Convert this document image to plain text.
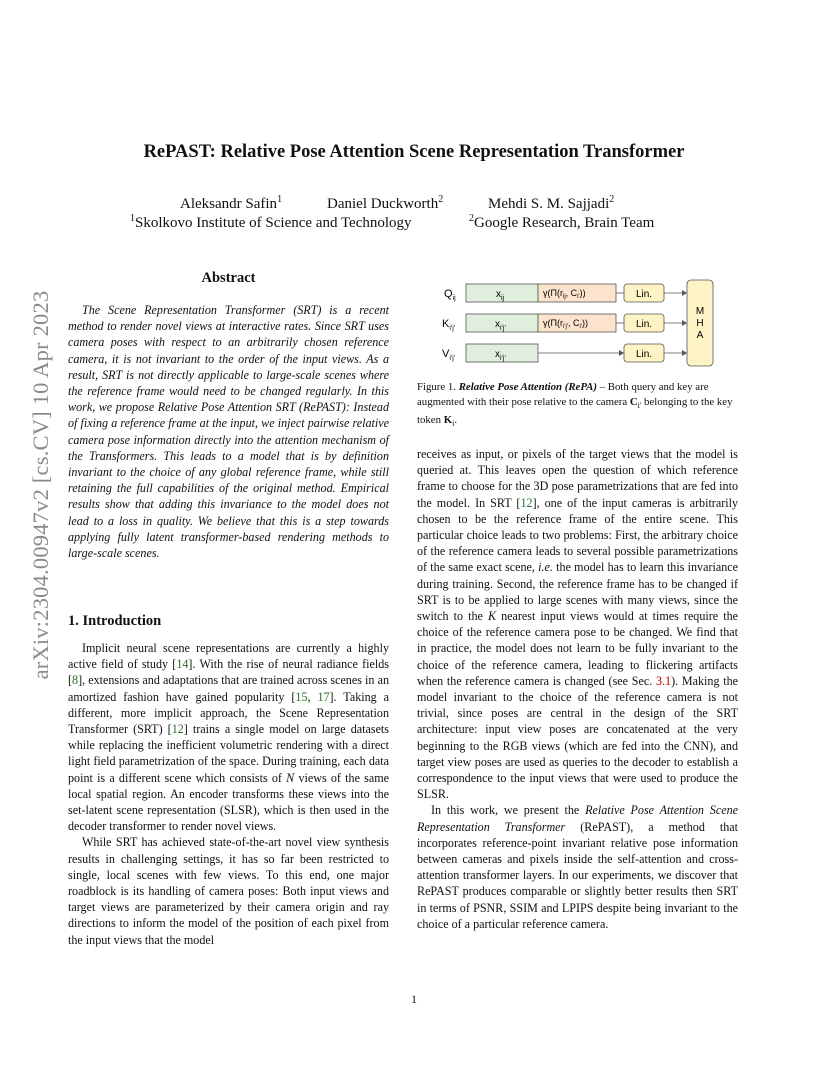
RePAST: Relative Pose Attention Scene Representation Transformer
Aleksandr Safin$^1$	Daniel Duckworth$^2$	Mehdi S. M. Sajjadi$^2$
$^1$Skolkovo Institute of Science and Technology	$^2$Google Research, Brain Team
arXiv:2304.00947v2 [cs.CV] 10 Apr 2023
Abstract

The Scene Representation Transformer (SRT) is a recent method to render novel views at interactive rates. Since SRT uses camera poses with respect to an arbitrarily chosen reference camera, it is not invariant to the order of the input views. As a result, SRT is not directly applicable to large-scale scenes where the reference frame would need to be changed regularly. In this work, we propose Relative Pose Attention SRT (RePAST): Instead of fixing a reference frame at the input, we inject pairwise relative camera pose information directly into the attention mechanism of the Transformers. This leads to a model that is by definition invariant to the choice of any global reference frame, while still retaining the full capabilities of the original method. Empirical results show that adding this invariance to the model does not lead to a loss in quality. We believe that this is a step towards applying fully latent transformer-based rendering methods to large-scale scenes.

1. Introduction

Implicit neural scene representations are currently a highly active field of study [14]. With the rise of neural radiance fields [8], extensions and adaptations that are trained across scenes in an amortized fashion have gained popularity [15, 17]. Taking a different, more implicit approach, the Scene Representation Transformer (SRT) [12] trains a single model on large datasets while replacing the inefficient volumetric rendering with a direct light field parametrization of the space. During training, each data point is a different scene which consists of N views of the same local spatial region. An encoder transforms these views into the set-latent scene representation (SLSR), which is then used in the decoder transformer to render novel views.

While SRT has achieved state-of-the-art novel view synthesis results in challenging settings, it has so far been restricted to single, local scenes with few views. To this end, one major roadblock is its handling of camera poses: Both input views and target views are parameterized by their camera origin and ray directions to inform the model of the position of each pixel from the input views that the model

$Q_{ij}$	$x_{ij}$
$\gamma(\Pi(r_{ij}$, $C_{i'}$))	Lin.
$K_{i'j'}$	$x_{i'j'}$
$\gamma(\Pi(r_{i'j'}$, $C_{i'}$))	Lin.
$V_{i'j'}$	$x_{i'j'}$	Lin.
M
H
A
Figure 1. Relative Pose Attention (RePA) – Both query and key are augmented with their pose relative to the camera $C_{i'}$ belonging to the key token $K_i$.

receives as input, or pixels of the target views that the model is queried at. This leaves open the question of which reference frame to choose for the 3D pose parametrizations that are fed into the model. In SRT [12], one of the input cameras is arbitrarily chosen to be the reference frame of the entire scene. This particular choice leads to two problems: First, the arbitrary choice of the reference camera leads to several possible parametrizations of the same exact scene, i.e. the model has to learn this invariance during training. Second, the reference frame has to be changed if SRT is to be applied to large scenes with many views, since the switch to the K nearest input views would at times require the choice of the reference camera pose to be changed. We find that in practice, the model does not learn to be fully invariant to the choice of the reference camera, leading to flickering artifacts when the reference camera is changed (see Sec. 3.1). Making the model invariant to the choice of the reference camera is not trivial, since poses are central in the design of the SRT architecture: input view poses are concatenated at the very beginning to the RGB views (which are fed into the CNN), and target view poses are used as queries to the decoder to establish a correspondence to the input views that were used to produce the SLSR.

In this work, we present the Relative Pose Attention Scene Representation Transformer (RePAST), a method that incorporates reference-point invariant relative pose information between cameras and pixels inside the self-attention and cross-attention transformer layers. In our experiments, we discover that RePAST produces comparable or slightly better results then SRT in terms of PSNR, SSIM and LPIPS despite being invariant to the choice of a particular reference camera.

1
